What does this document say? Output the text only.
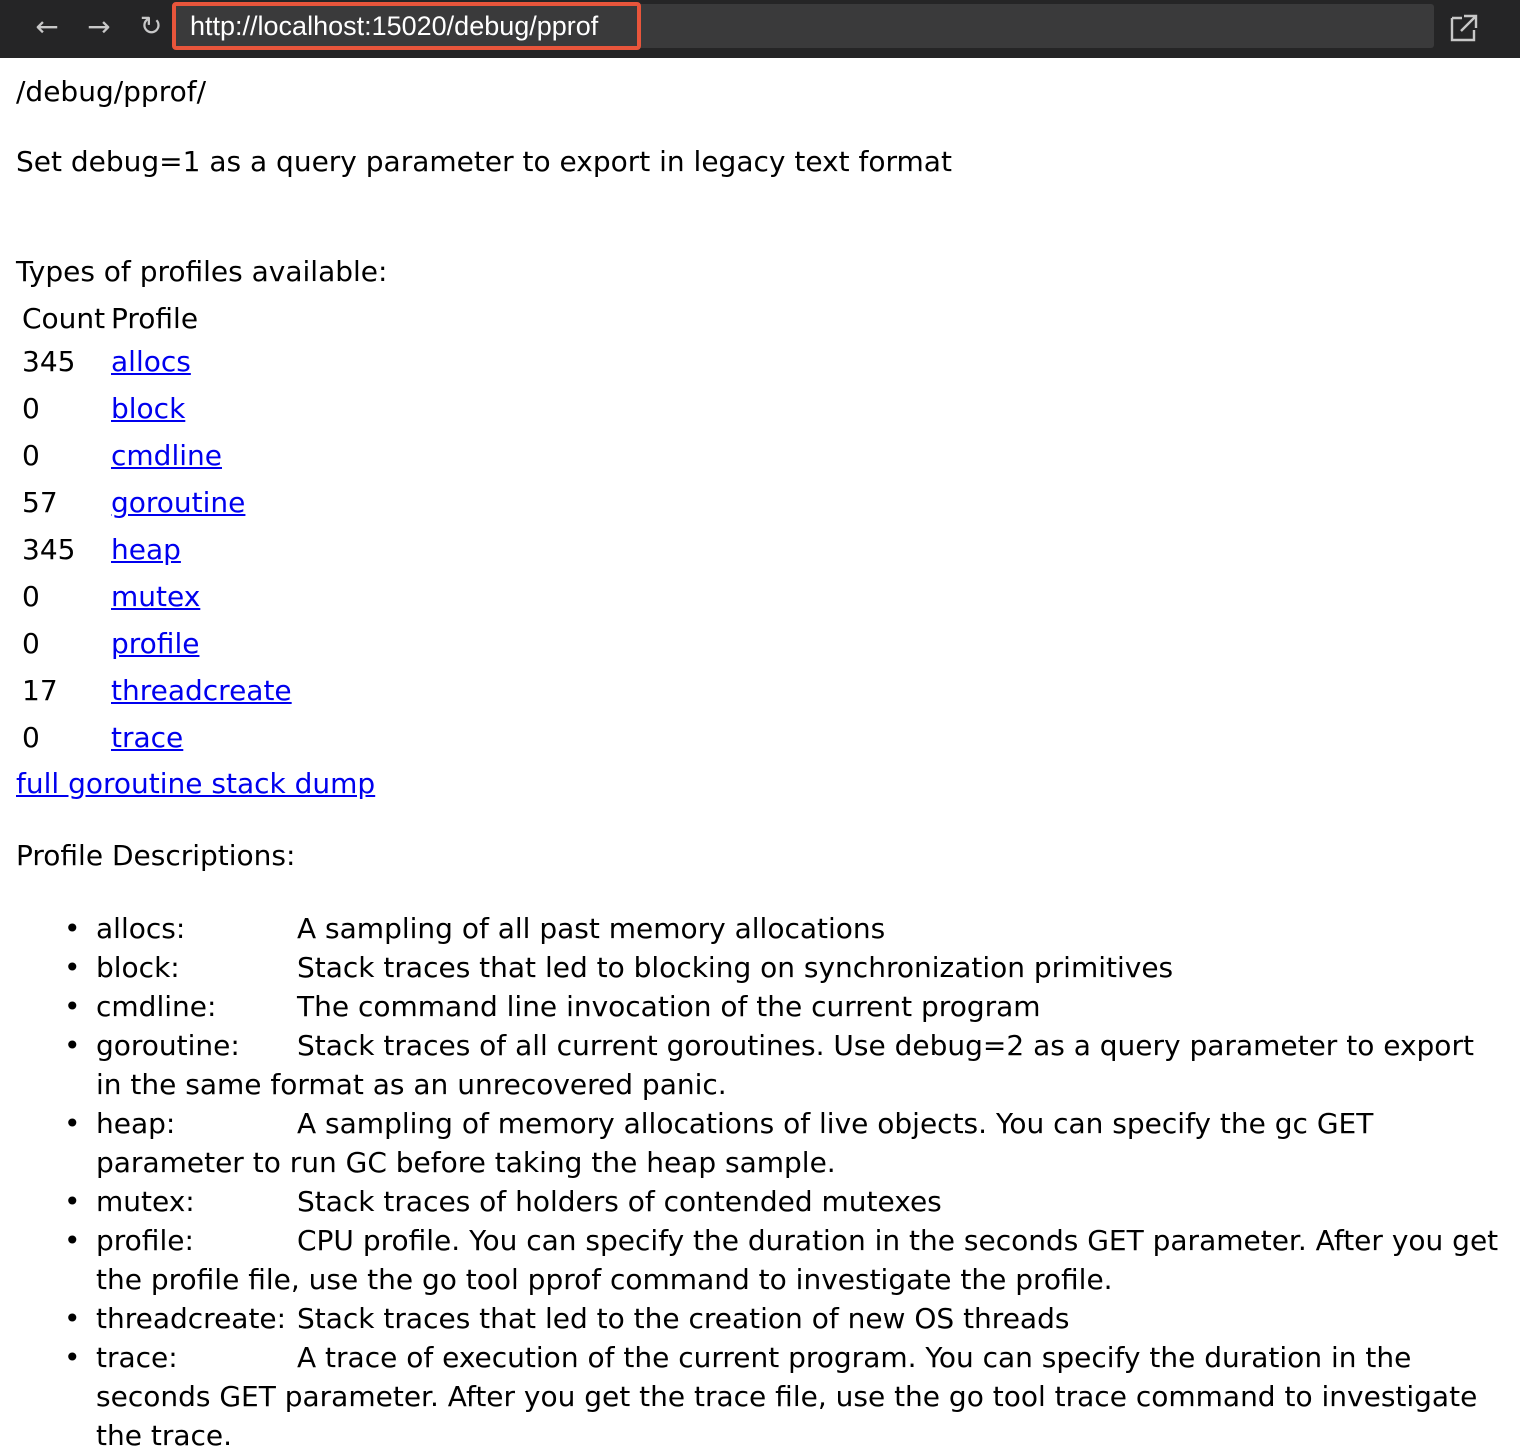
← → ↻ http://localhost:15020/debug/pprof
/debug/pprof/
Set debug=1 as a query parameter to export in legacy text format
Types of profiles available:
Count Profile
345 allocs
0	block
0	cmdline
57 goroutine
345 heap
0	mutex
0	profile
17 threadcreate
0	trace
full goroutine stack dump
Profile Descriptions:
• allocs:	A sampling of all past memory allocations
• block:	Stack traces that led to blocking on synchronization primitives
• cmdline:	The command line invocation of the current program
• goroutine: Stack traces of all current goroutines. Use debug=2 as a query parameter to export in the same format as an unrecovered panic.
• heap:	A sampling of memory allocations of live objects. You can specify the gc GET parameter to run GC before taking the heap sample.
• mutex:	Stack traces of holders of contended mutexes
• profile:	CPU profile. You can specify the duration in the seconds GET parameter. After you get the profile file, use the go tool pprof command to investigate the profile.
• threadcreate: Stack traces that led to the creation of new OS threads
• trace:	A trace of execution of the current program. You can specify the duration in the seconds GET parameter. After you get the trace file, use the go tool trace command to investigate the trace.
